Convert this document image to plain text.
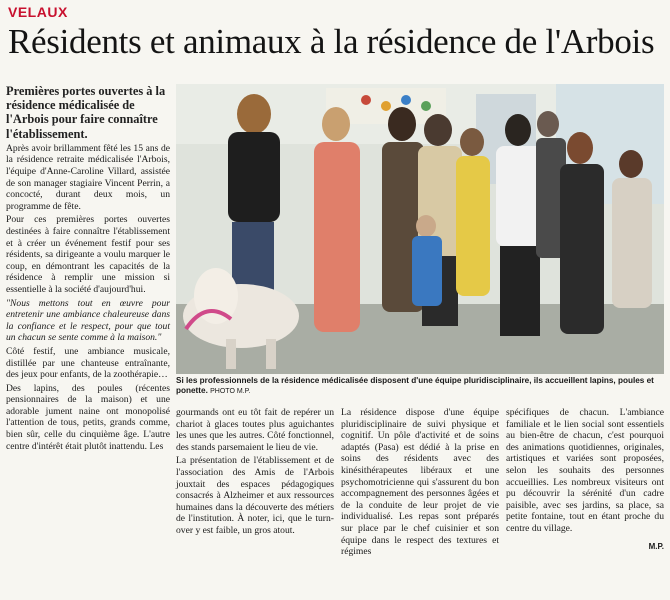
VELAUX
Résidents et animaux à la résidence de l'Arbois

Premières portes ouvertes à la résidence médicalisée de l'Arbois pour faire connaître l'établissement.

Après avoir brillamment fêté les 15 ans de la résidence retraite médicalisée l'Arbois, l'équipe d'Anne-Caroline Villard, assistée de son manager stagiaire Vincent Perrin, a concocté, durant deux mois, un programme de fête.

Pour ces premières portes ouvertes destinées à faire connaître l'établissement et à créer un événement festif pour ses résidents, sa dirigeante a voulu marquer le coup, en démontrant les capacités de la résidence à remplir une mission si essentielle à la société d'aujourd'hui.

"Nous mettons tout en œuvre pour entretenir une ambiance chaleureuse dans la confiance et le respect, pour que tout un chacun se sente comme à la maison."

Côté festif, une ambiance musicale, distillée par une chanteuse entraînante, des jeux pour enfants, de la zoothérapie…

Des lapins, des poules (récentes pensionnaires de la maison) et une adorable jument naine ont monopolisé l'attention de tous, petits, grands comme, bien sûr, celle du cinquième âge. L'autre centre d'intérêt était plutôt inattendu. Les

Si les professionnels de la résidence médicalisée disposent d'une équipe pluridisciplinaire, ils accueillent lapins, poules et ponette. PHOTO M.P.

gourmands ont eu tôt fait de repérer un chariot à glaces toutes plus aguichantes les unes que les autres. Côté fonctionnel, des stands parsemaient le lieu de vie.

La présentation de l'établissement et de l'association des Amis de l'Arbois jouxtait des espaces pédagogiques consacrés à Alzheimer et aux ressources humaines dans la découverte des métiers de l'institution. À noter, ici, que le turn-over y est faible, un gros atout.

La résidence dispose d'une équipe pluridisciplinaire de suivi physique et cognitif. Un pôle d'activité et de soins adaptés (Pasa) est dédié à la prise en soins des résidents avec des kinésithérapeutes libéraux et une psychomotricienne qui s'assurent du bon accompagnement des personnes âgées et de la conduite de leur projet de vie individualisé. Les repas sont préparés sur place par le chef cuisinier et son équipe dans le respect des textures et régimes

spécifiques de chacun. L'ambiance familiale et le lien social sont essentiels au bien-être de chacun, c'est pourquoi des animations quotidiennes, originales, artistiques et variées sont proposées, selon les souhaits des personnes accueillies. Les nombreux visiteurs ont pu découvrir la sérénité d'un cadre paisible, avec ses jardins, sa place, sa petite fontaine, tout en étant proche du centre du village.

M.P.
